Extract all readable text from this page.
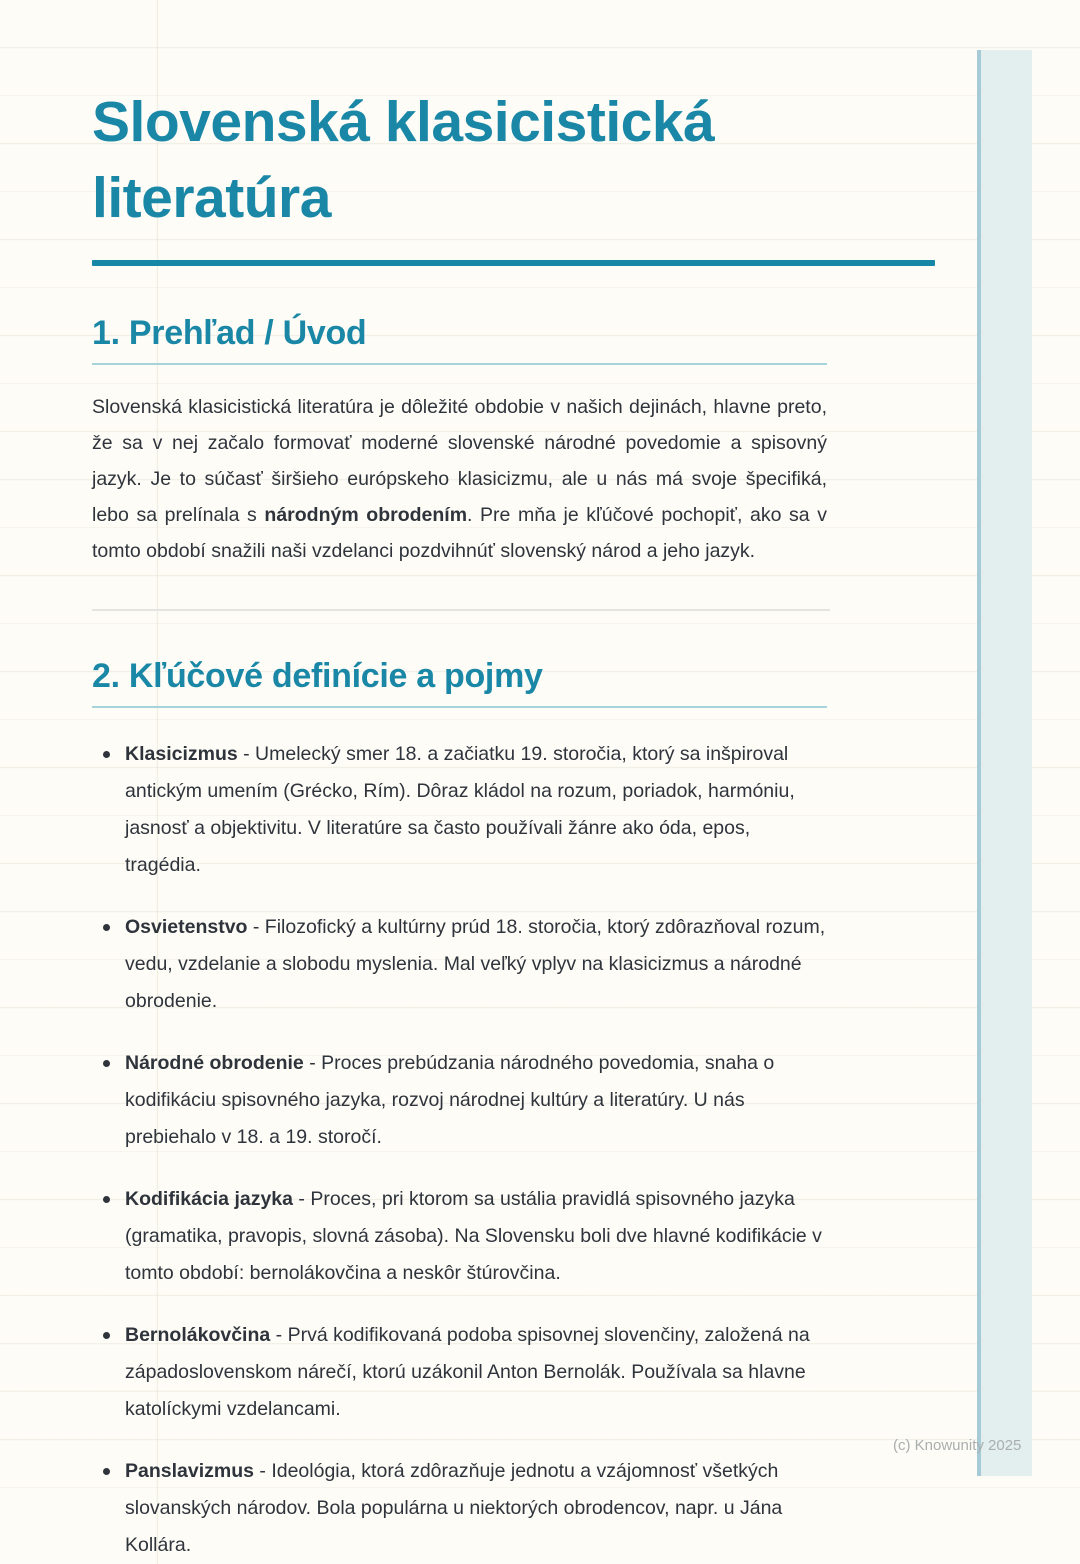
Slovenská klasicistická literatúra
1. Prehľad / Úvod

Slovenská klasicistická literatúra je dôležité obdobie v našich dejinách, hlavne preto, že sa v nej začalo formovať moderné slovenské národné povedomie a spisovný jazyk. Je to súčasť širšieho európskeho klasicizmu, ale u nás má svoje špecifiká, lebo sa prelínala s národným obrodením. Pre mňa je kľúčové pochopiť, ako sa v tomto období snažili naši vzdelanci pozdvihnúť slovenský národ a jeho jazyk.

2. Kľúčové definície a pojmy
Klasicizmus - Umelecký smer 18. a začiatku 19. storočia, ktorý sa inšpiroval antickým umením (Grécko, Rím). Dôraz kládol na rozum, poriadok, harmóniu, jasnosť a objektivitu. V literatúre sa často používali žánre ako óda, epos, tragédia.
Osvietenstvo - Filozofický a kultúrny prúd 18. storočia, ktorý zdôrazňoval rozum, vedu, vzdelanie a slobodu myslenia. Mal veľký vplyv na klasicizmus a národné obrodenie.
Národné obrodenie - Proces prebúdzania národného povedomia, snaha o kodifikáciu spisovného jazyka, rozvoj národnej kultúry a literatúry. U nás prebiehalo v 18. a 19. storočí.
Kodifikácia jazyka - Proces, pri ktorom sa ustália pravidlá spisovného jazyka (gramatika, pravopis, slovná zásoba). Na Slovensku boli dve hlavné kodifikácie v tomto období: bernolákovčina a neskôr štúrovčina.
Bernolákovčina - Prvá kodifikovaná podoba spisovnej slovenčiny, založená na západoslovenskom nárečí, ktorú uzákonil Anton Bernolák. Používala sa hlavne katolíckymi vzdelancami.
Panslavizmus - Ideológia, ktorá zdôrazňuje jednotu a vzájomnosť všetkých slovanských národov. Bola populárna u niektorých obrodencov, napr. u Jána Kollára.
(c) Knowunity 2025
